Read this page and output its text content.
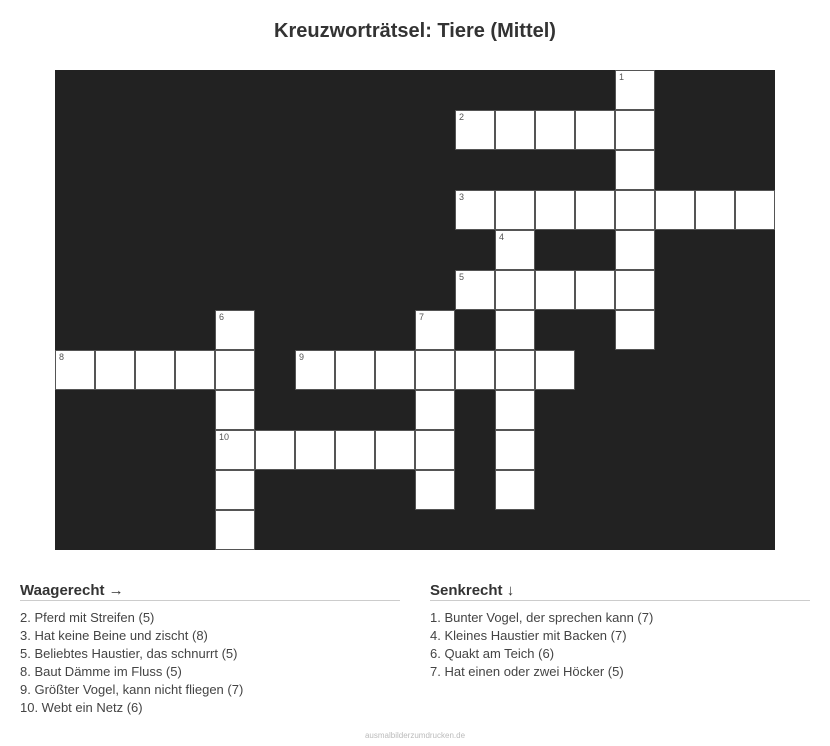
Kreuzworträtsel: Tiere (Mittel)
1
2
3
4
5
6	7
8	9
10
Waagerecht →
2. Pferd mit Streifen (5)
3. Hat keine Beine und zischt (8)
5. Beliebtes Haustier, das schnurrt (5)
8. Baut Dämme im Fluss (5)
9. Größter Vogel, kann nicht fliegen (7)
10. Webt ein Netz (6)
Senkrecht ↓
1. Bunter Vogel, der sprechen kann (7)
4. Kleines Haustier mit Backen (7)
6. Quakt am Teich (6)
7. Hat einen oder zwei Höcker (5)
ausmalbilderzumdrucken.de
